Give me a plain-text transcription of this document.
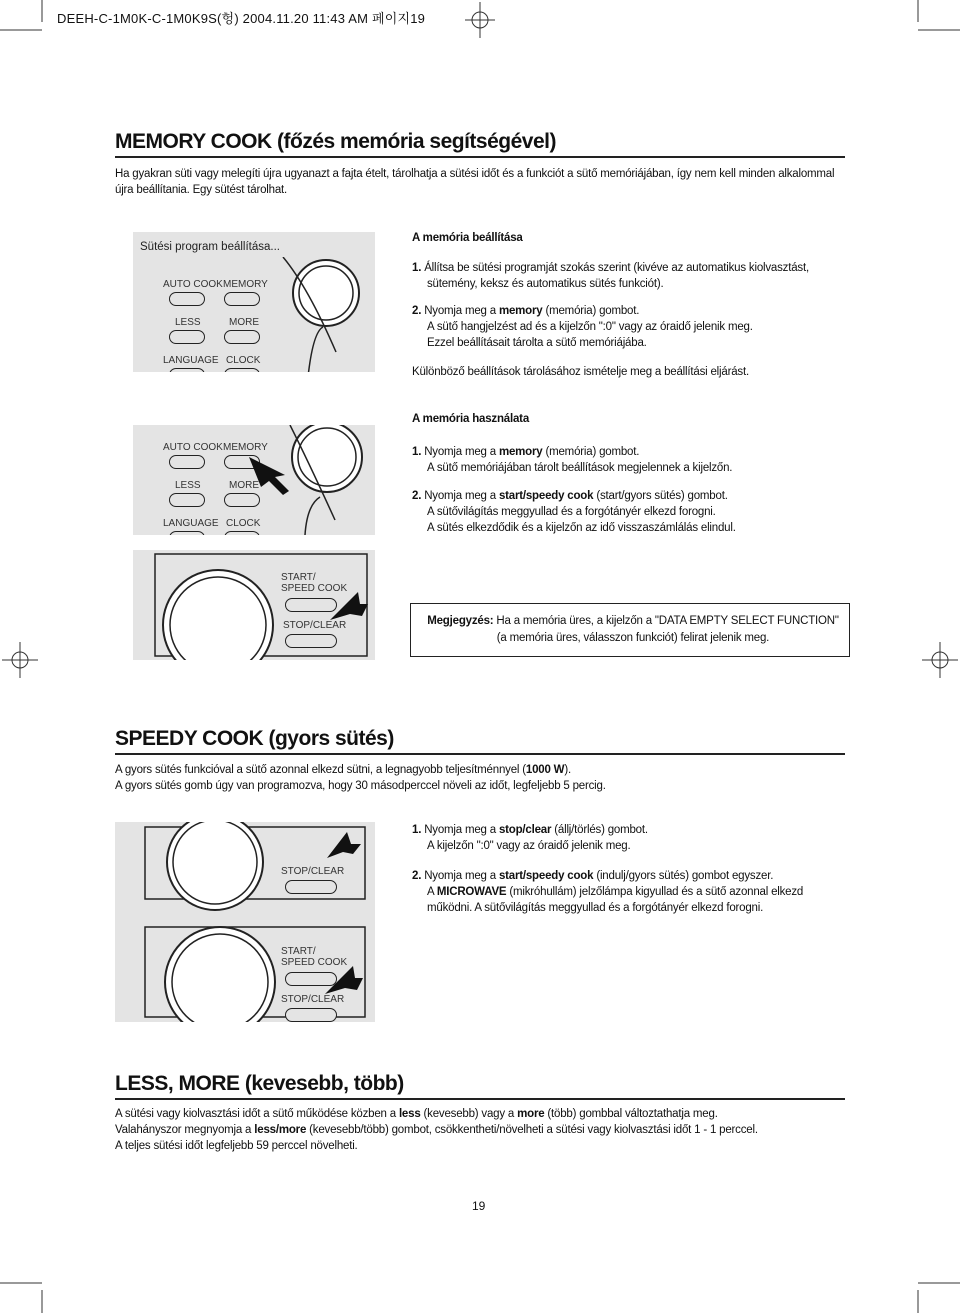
DEEH-C-1M0K-C-1M0K9S(헝) 2004.11.20 11:43 AM 페이지19
MEMORY COOK (főzés memória segítségével)
Ha gyakran süti vagy melegíti újra ugyanazt a fajta ételt, tárolhatja a sütési időt és a funkciót a sütő memóriájában, így nem kell minden alkalommal
újra beállítania. Egy sütést tárolhat.
Sütési program beállítása...
AUTO COOK MEMORY
LESS	MORE
LANGUAGE CLOCK
A memória beállítása
1. Állítsa be sütési programját szokás szerint (kivéve az automatikus kiolvasztást,
sütemény, keksz és automatikus sütés funkciót).
2. Nyomja meg a memory (memória) gombot.
A sütő hangjelzést ad és a kijelzőn ":0" vagy az óraidő jelenik meg.
Ezzel beállításait tárolta a sütő memóriájába.
Különböző beállítások tárolásához ismételje meg a beállítási eljárást.
A memória használata
AUTO COOK MEMORY
LESS	MORE
LANGUAGE CLOCK
1. Nyomja meg a memory (memória) gombot.
A sütő memóriájában tárolt beállítások megjelennek a kijelzőn.
2. Nyomja meg a start/speedy cook (start/gyors sütés) gombot.
A sütővilágítás meggyullad és a forgótányér elkezd forogni.
A sütés elkezdődik és a kijelzőn az idő visszaszámlálás elindul.
START/
SPEED COOK
STOP/CLEAR	Megjegyzés: Ha a memória üres, a kijelzőn a "DATA EMPTY SELECT FUNCTION"
(a memória üres, válasszon funkciót) felirat jelenik meg.
SPEEDY COOK (gyors sütés)
A gyors sütés funkcióval a sütő azonnal elkezd sütni, a legnagyobb teljesítménnyel (1000 W).
A gyors sütés gomb úgy van programozva, hogy 30 másodperccel növeli az időt, legfeljebb 5 percig.
STOP/CLEAR
START/
SPEED COOK
STOP/CLEAR
1. Nyomja meg a stop/clear (állj/törlés) gombot.
A kijelzőn ":0" vagy az óraidő jelenik meg.
2. Nyomja meg a start/speedy cook (indulj/gyors sütés) gombot egyszer.
A MICROWAVE (mikróhullám) jelzőlámpa kigyullad és a sütő azonnal elkezd
működni. A sütővilágítás meggyullad és a forgótányér elkezd forogni.
LESS, MORE (kevesebb, több)
A sütési vagy kiolvasztási időt a sütő működése közben a less (kevesebb) vagy a more (több) gombbal változtathatja meg.
Valahányszor megnyomja a less/more (kevesebb/több) gombot, csökkentheti/növelheti a sütési vagy kiolvasztási időt 1 - 1 perccel.
A teljes sütési időt legfeljebb 59 perccel növelheti.
19
